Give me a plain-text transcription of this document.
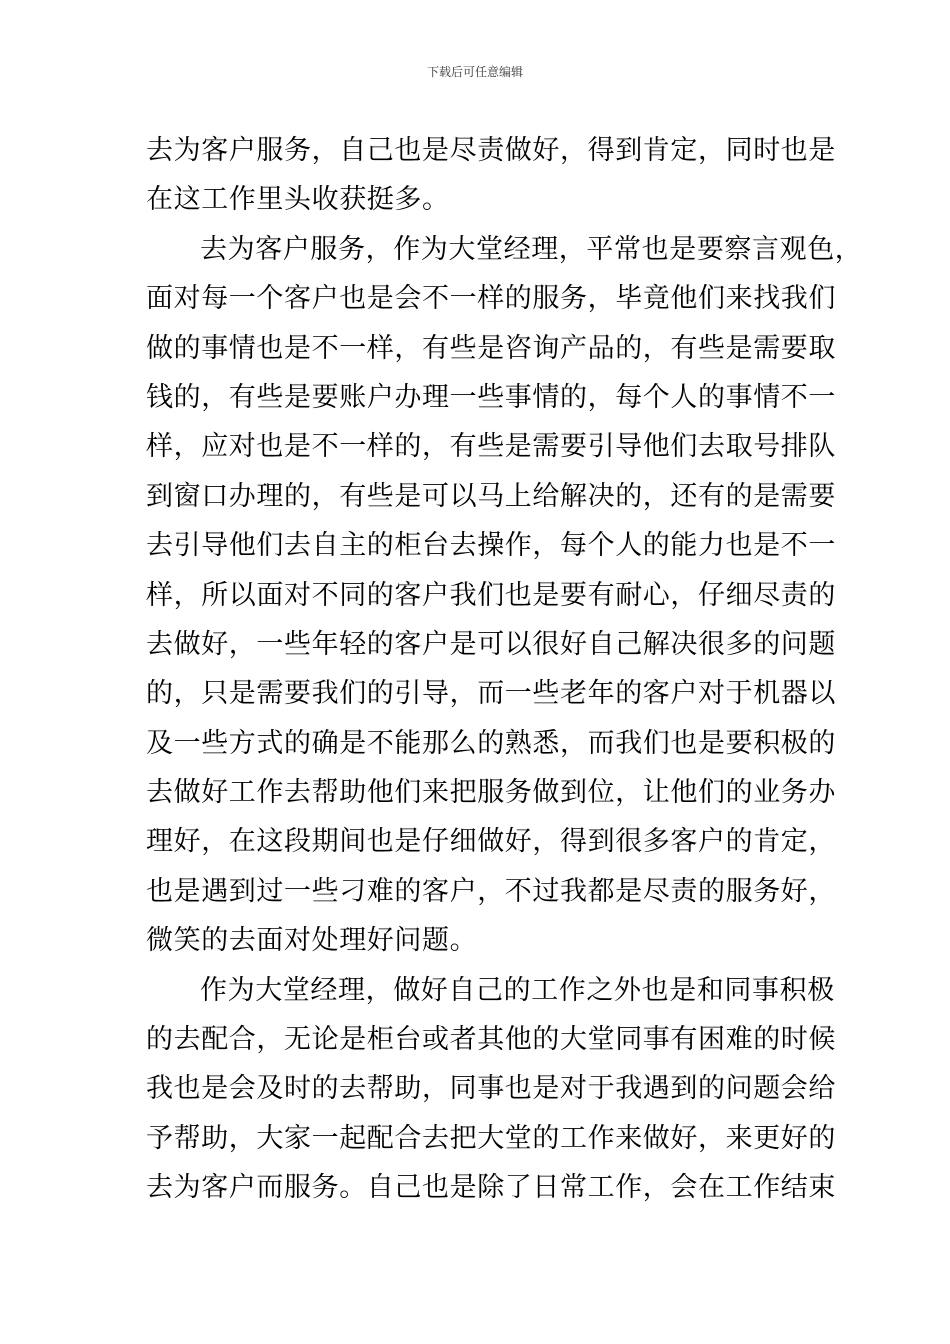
下载后可任意编辑
去为客户服务，自己也是尽责做好，得到肯定，同时也是
在这工作里头收获挺多。
去为客户服务，作为大堂经理，平常也是要察言观色，
面对每一个客户也是会不一样的服务，毕竟他们来找我们
做的事情也是不一样，有些是咨询产品的，有些是需要取
钱的，有些是要账户办理一些事情的，每个人的事情不一
样，应对也是不一样的，有些是需要引导他们去取号排队
到窗口办理的，有些是可以马上给解决的，还有的是需要
去引导他们去自主的柜台去操作，每个人的能力也是不一
样，所以面对不同的客户我们也是要有耐心，仔细尽责的
去做好，一些年轻的客户是可以很好自己解决很多的问题
的，只是需要我们的引导，而一些老年的客户对于机器以
及一些方式的确是不能那么的熟悉，而我们也是要积极的
去做好工作去帮助他们来把服务做到位，让他们的业务办
理好，在这段期间也是仔细做好，得到很多客户的肯定，
也是遇到过一些刁难的客户，不过我都是尽责的服务好，
微笑的去面对处理好问题。
作为大堂经理，做好自己的工作之外也是和同事积极
的去配合，无论是柜台或者其他的大堂同事有困难的时候
我也是会及时的去帮助，同事也是对于我遇到的问题会给
予帮助，大家一起配合去把大堂的工作来做好，来更好的
去为客户而服务。自己也是除了日常工作，会在工作结束
